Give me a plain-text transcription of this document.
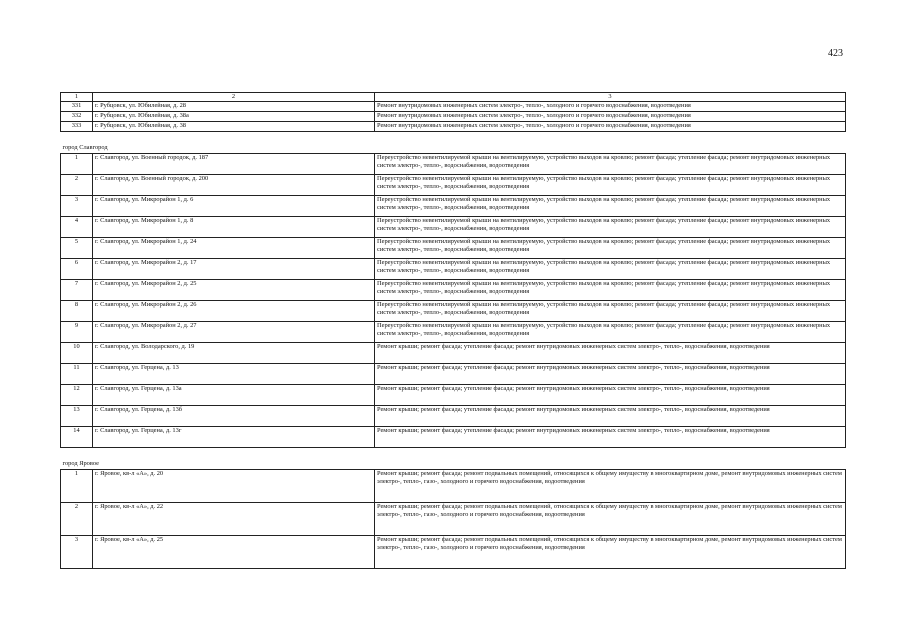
423
1	2	3
331	г. Рубцовск, ул. Юбилейная, д. 28	Ремонт внутридомовых инженерных систем электро-, тепло-, холодного и горячего водоснабжения, водоотведения
332	г. Рубцовск, ул. Юбилейная, д. 38а	Ремонт внутридомовых инженерных систем электро-, тепло-, холодного и горячего водоснабжения, водоотведения
333	г. Рубцовск, ул. Юбилейная, д. 38	Ремонт внутридомовых инженерных систем электро-, тепло-, холодного и горячего водоснабжения, водоотведения
город Славгород		
1	г. Славгород, ул. Военный городок, д. 187	Переустройство невентилируемой крыши на вентилируемую, устройство выходов на кровлю; ремонт фасада; утепление фасада; ремонт внутридомовых инженерных систем электро-, тепло-, водоснабжения, водоотведения
2	г. Славгород, ул. Военный городок, д. 200	Переустройство невентилируемой крыши на вентилируемую, устройство выходов на кровлю; ремонт фасада; утепление фасада; ремонт внутридомовых инженерных систем электро-, тепло-, водоснабжения, водоотведения
3	г. Славгород, ул. Микрорайон 1, д. 6	Переустройство невентилируемой крыши на вентилируемую, устройство выходов на кровлю; ремонт фасада; утепление фасада; ремонт внутридомовых инженерных систем электро-, тепло-, водоснабжения, водоотведения
4	г. Славгород, ул. Микрорайон 1, д. 8	Переустройство невентилируемой крыши на вентилируемую, устройство выходов на кровлю; ремонт фасада; утепление фасада; ремонт внутридомовых инженерных систем электро-, тепло-, водоснабжения, водоотведения
5	г. Славгород, ул. Микрорайон 1, д. 24	Переустройство невентилируемой крыши на вентилируемую, устройство выходов на кровлю; ремонт фасада; утепление фасада; ремонт внутридомовых инженерных систем электро-, тепло-, водоснабжения, водоотведения
6	г. Славгород, ул. Микрорайон 2, д. 17	Переустройство невентилируемой крыши на вентилируемую, устройство выходов на кровлю; ремонт фасада; утепление фасада; ремонт внутридомовых инженерных систем электро-, тепло-, водоснабжения, водоотведения
7	г. Славгород, ул. Микрорайон 2, д. 25	Переустройство невентилируемой крыши на вентилируемую, устройство выходов на кровлю; ремонт фасада; утепление фасада; ремонт внутридомовых инженерных систем электро-, тепло-, водоснабжения, водоотведения
8	г. Славгород, ул. Микрорайон 2, д. 26	Переустройство невентилируемой крыши на вентилируемую, устройство выходов на кровлю; ремонт фасада; утепление фасада; ремонт внутридомовых инженерных систем электро-, тепло-, водоснабжения, водоотведения
9	г. Славгород, ул. Микрорайон 2, д. 27	Переустройство невентилируемой крыши на вентилируемую, устройство выходов на кровлю; ремонт фасада; утепление фасада; ремонт внутридомовых инженерных систем электро-, тепло-, водоснабжения, водоотведения
10	г. Славгород, ул. Володарского, д. 19	Ремонт крыши; ремонт фасада; утепление фасада; ремонт внутридомовых инженерных систем электро-, тепло-, водоснабжения, водоотведения
11	г. Славгород, ул. Герцена, д. 13	Ремонт крыши; ремонт фасада; утепление фасада; ремонт внутридомовых инженерных систем электро-, тепло-, водоснабжения, водоотведения
12	г. Славгород, ул. Герцена, д. 13а	Ремонт крыши; ремонт фасада; утепление фасада; ремонт внутридомовых инженерных систем электро-, тепло-, водоснабжения, водоотведения
13	г. Славгород, ул. Герцена, д. 13б	Ремонт крыши; ремонт фасада; утепление фасада; ремонт внутридомовых инженерных систем электро-, тепло-, водоснабжения, водоотведения
14	г. Славгород, ул. Герцена, д. 13г	Ремонт крыши; ремонт фасада; утепление фасада; ремонт внутридомовых инженерных систем электро-, тепло-, водоснабжения, водоотведения
город Яровое		
1	г. Яровое, кв-л «А», д. 20	Ремонт крыши; ремонт фасада; ремонт подвальных помещений, относящихся к общему имуществу в многоквартирном доме, ремонт внутридомовых инженерных систем электро-, тепло-, газо-, холодного и горячего водоснабжения, водоотведения
2	г. Яровое, кв-л «А», д. 22	Ремонт крыши; ремонт фасада; ремонт подвальных помещений, относящихся к общему имуществу в многоквартирном доме, ремонт внутридомовых инженерных систем электро-, тепло-, газо-, холодного и горячего водоснабжения, водоотведения
3	г. Яровое, кв-л «А», д. 25	Ремонт крыши; ремонт фасада; ремонт подвальных помещений, относящихся к общему имуществу в многоквартирном доме, ремонт внутридомовых инженерных систем электро-, тепло-, газо-, холодного и горячего водоснабжения, водоотведения
